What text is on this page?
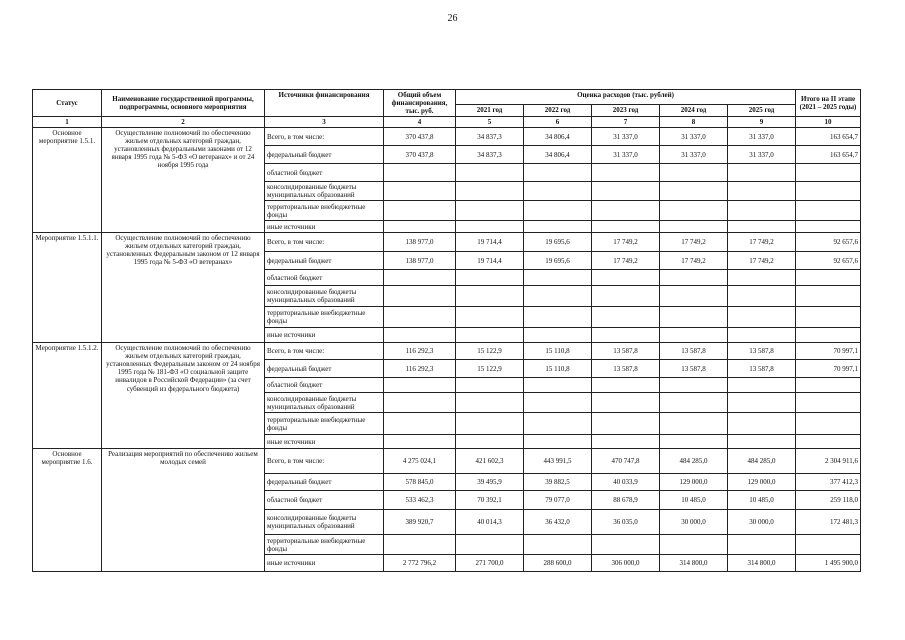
26
Статус	Наименование государственной программы, подпрограммы, основного мероприятия	Источники финансирования	Общий объем финансирования, тыс. руб.	Оценка расходов (тыс. рублей)					Итого на II этапе (2021 – 2025 годы)
				2021 год	2022 год	2023 год	2024 год	2025 год	
1	2	3	4	5	6	7	8	9	10
Основное мероприятие 1.5.1.	Осуществление полномочий по обеспечению жильем отдельных категорий граждан, установленных федеральными законами от 12 января 1995 года № 5-ФЗ «О ветеранах» и от 24 ноября 1995 года	Всего, в том числе:	370 437,8	34 837,3	34 806,4	31 337,0	31 337,0	31 337,0	163 654,7
		федеральный бюджет	370 437,8	34 837,3	34 806,4	31 337,0	31 337,0	31 337,0	163 654,7
		областной бюджет							
		консолидированные бюджеты муниципальных образований							
		территориальные внебюджетные фонды							
		иные источники							
Мероприятие 1.5.1.1.	Осуществление полномочий по обеспечению жильем отдельных категорий граждан, установленных Федеральным законом от 12 января 1995 года № 5-ФЗ «О ветеранах»	Всего, в том числе:	138 977,0	19 714,4	19 695,6	17 749,2	17 749,2	17 749,2	92 657,6
		федеральный бюджет	138 977,0	19 714,4	19 695,6	17 749,2	17 749,2	17 749,2	92 657,6
		областной бюджет							
		консолидированные бюджеты муниципальных образований							
		территориальные внебюджетные фонды							
		иные источники							
Мероприятие 1.5.1.2.	Осуществление полномочий по обеспечению жильем отдельных категорий граждан, установленных Федеральным законом от 24 ноября 1995 года № 181-ФЗ «О социальной защите инвалидов в Российской Федерации» (за счет субвенций из федерального бюджета)	Всего, в том числе:	116 292,3	15 122,9	15 110,8	13 587,8	13 587,8	13 587,8	70 997,1
		федеральный бюджет	116 292,3	15 122,9	15 110,8	13 587,8	13 587,8	13 587,8	70 997,1
		областной бюджет							
		консолидированные бюджеты муниципальных образований							
		территориальные внебюджетные фонды							
		иные источники							
Основное мероприятие 1.6.	Реализация мероприятий по обеспечению жильем молодых семей	Всего, в том числе:	4 275 024,1	421 602,3	443 991,5	470 747,8	484 285,0	484 285,0	2 304 911,6
		федеральный бюджет	578 845,0	39 495,9	39 882,5	40 033,9	129 000,0	129 000,0	377 412,3
		областной бюджет	533 462,3	70 392,1	79 077,0	88 678,9	10 485,0	10 485,0	259 118,0
		консолидированные бюджеты муниципальных образований	389 920,7	40 014,3	36 432,0	36 035,0	30 000,0	30 000,0	172 481,3
		территориальные внебюджетные фонды							
		иные источники	2 772 796,2	271 700,0	288 600,0	306 000,0	314 800,0	314 800,0	1 495 900,0
